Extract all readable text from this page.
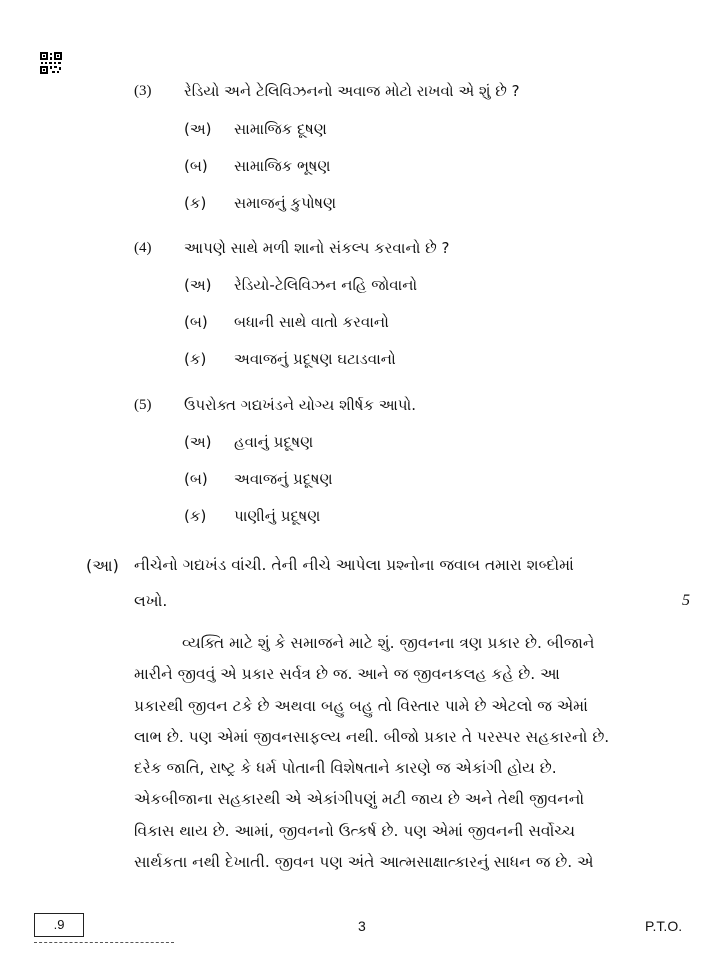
(3) રેડિયો અને ટેલિવિઝનનો અવાજ મોટો રાખવો એ શું છે ?
(અ) સામાજિક દૂષણ
(બ) સામાજિક ભૂષણ
(ક) સમાજનું કુપોષણ
(4) આપણે સાથે મળી શાનો સંકલ્પ કરવાનો છે ?
(અ) રેડિયો-ટેલિવિઝન નહિ જોવાનો
(બ) બધાની સાથે વાતો કરવાનો
(ક) અવાજનું પ્રદૂષણ ઘટાડવાનો
(5) ઉપરોક્ત ગદ્યખંડને યોગ્ય શીર્ષક આપો.
(અ) હવાનું પ્રદૂષણ
(બ) અવાજનું પ્રદૂષણ
(ક) પાણીનું પ્રદૂષણ
(આ) નીચેનો ગદ્યખંડ વાંચી. તેની નીચે આપેલા પ્રશ્નોના જવાબ તમારા શબ્દોમાં
લખો.	5
વ્યક્તિ માટે શું કે સમાજને માટે શું. જીવનના ત્રણ પ્રકાર છે. બીજાને
મારીને જીવવું એ પ્રકાર સર્વત્ર છે જ. આને જ જીવનકલહ કહે છે. આ
પ્રકારથી જીવન ટકે છે અથવા બહુ બહુ તો વિસ્તાર પામે છે એટલો જ એમાં
લાભ છે. પણ એમાં જીવનસાફલ્ય નથી. બીજો પ્રકાર તે પરસ્પર સહકારનો છે.
દરેક જાતિ, રાષ્ટ્ર કે ધર્મ પોતાની વિશેષતાને કારણે જ એકાંગી હોય છે.
એકબીજાના સહકારથી એ એકાંગીપણું મટી જાય છે અને તેથી જીવનનો
વિકાસ થાય છે. આમાં, જીવનનો ઉત્કર્ષ છે. પણ એમાં જીવનની સર્વોચ્ચ
સાર્થકતા નથી દેખાતી. જીવન પણ અંતે આત્મસાક્ષાત્કારનું સાધન જ છે. એ
.9	3	P.T.O.
